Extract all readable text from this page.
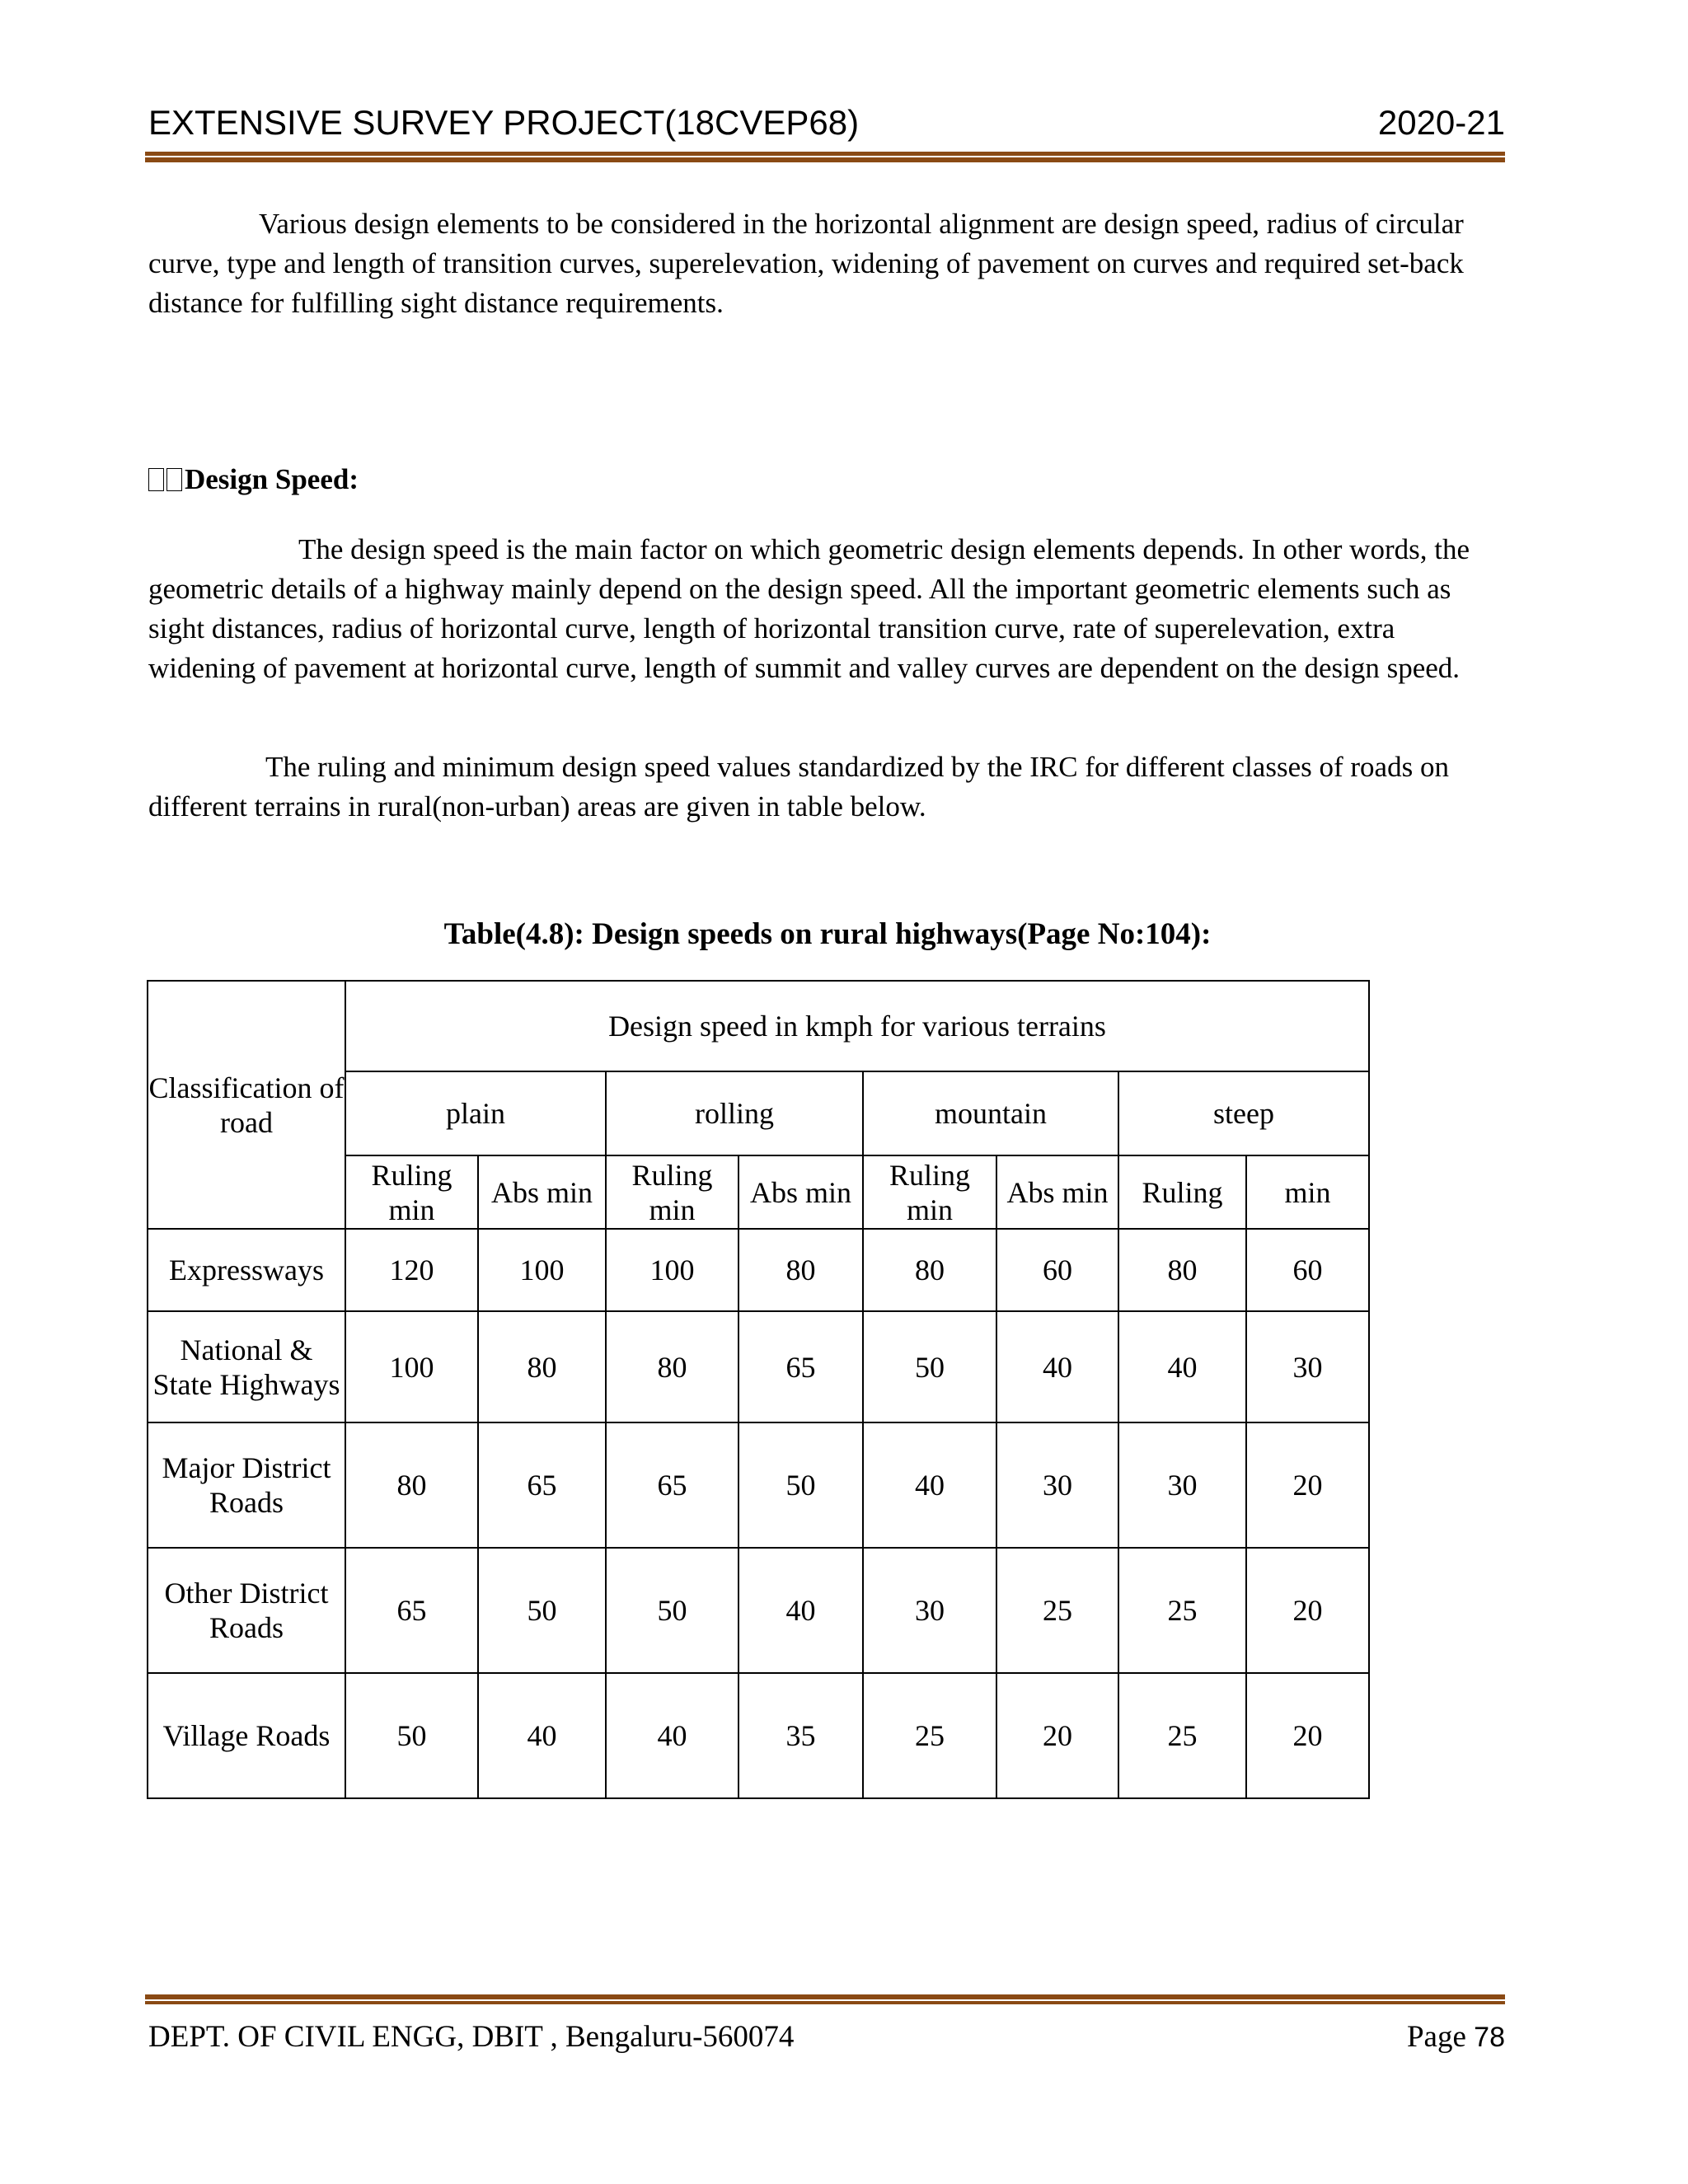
EXTENSIVE SURVEY PROJECT(18CVEP68)	2020-21

Various design elements to be considered in the horizontal alignment are design speed, radius of circular curve, type and length of transition curves, superelevation, widening of pavement on curves and required set-back distance for fulfilling sight distance requirements.

Design Speed:

The design speed is the main factor on which geometric design elements depends. In other words, the geometric details of a highway mainly depend on the design speed. All the important geometric elements such as sight distances, radius of horizontal curve, length of horizontal transition curve, rate of superelevation, extra widening of pavement at horizontal curve, length of summit and valley curves are dependent on the design speed.

The ruling and minimum design speed values standardized by the IRC for different classes of roads on different terrains in rural(non-urban) areas are given in table below.

Table(4.8): Design speeds on rural highways(Page No:104):
Classification of road	Design speed in kmph for various terrains							
	plain		rolling		mountain		steep	
	Ruling min	Abs min	Ruling min	Abs min	Ruling min	Abs min	Ruling	min
Expressways	120	100	100	80	80	60	80	60
National & State Highways	100	80	80	65	50	40	40	30
Major District Roads	80	65	65	50	40	30	30	20
Other District Roads	65	50	50	40	30	25	25	20
Village Roads	50	40	40	35	25	20	25	20
DEPT. OF CIVIL ENGG, DBIT , Bengaluru-560074	Page 78
